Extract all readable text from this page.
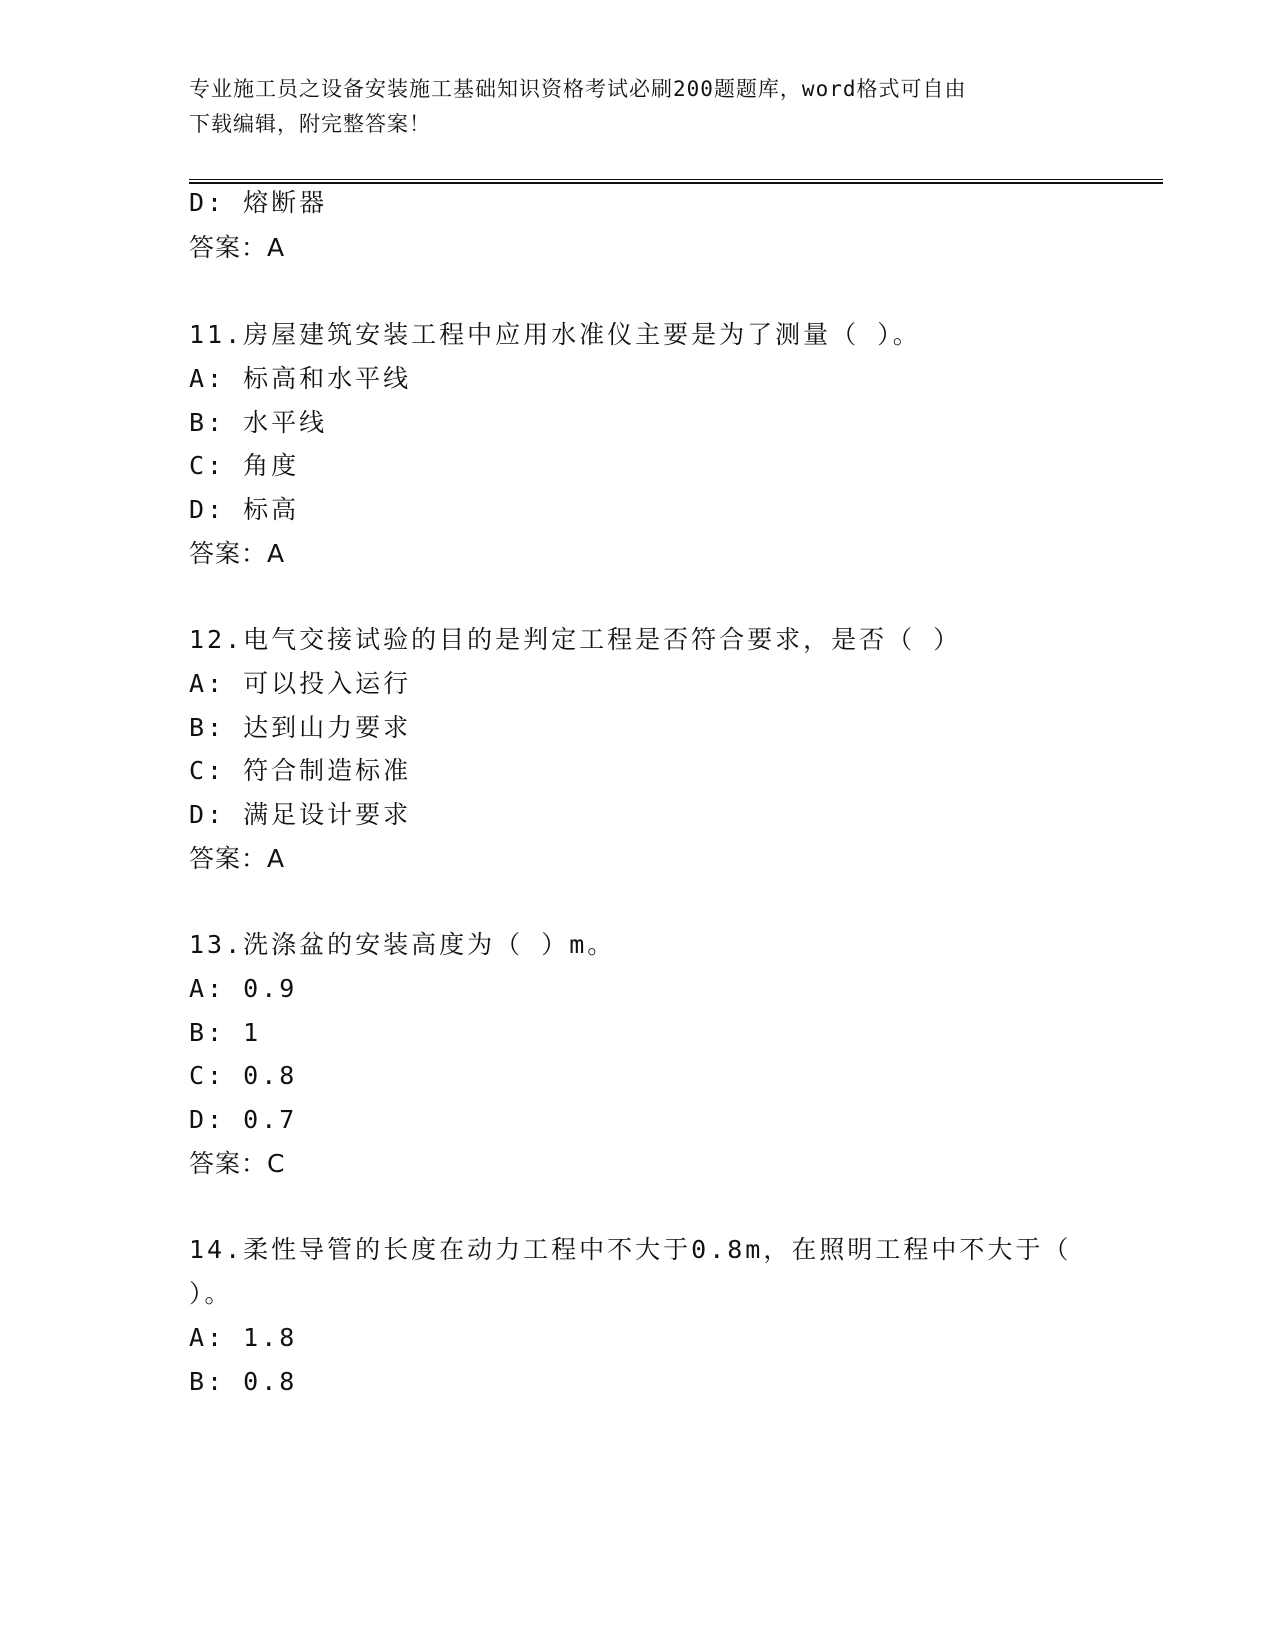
专业施工员之设备安装施工基础知识资格考试必刷200题题库，word格式可自由
下载编辑，附完整答案！
D: 熔断器
答案：A
11.房屋建筑安装工程中应用水准仪主要是为了测量（ ）。
A: 标高和水平线
B: 水平线
C: 角度
D: 标高
答案：A
12.电气交接试验的目的是判定工程是否符合要求，是否（ ）
A: 可以投入运行
B: 达到山力要求
C: 符合制造标准
D: 满足设计要求
答案：A
13.洗涤盆的安装高度为（ ）m。
A: 0.9
B: 1
C: 0.8
D: 0.7
答案：C
14.柔性导管的长度在动力工程中不大于0.8m，在照明工程中不大于（
）。
A: 1.8
B: 0.8
